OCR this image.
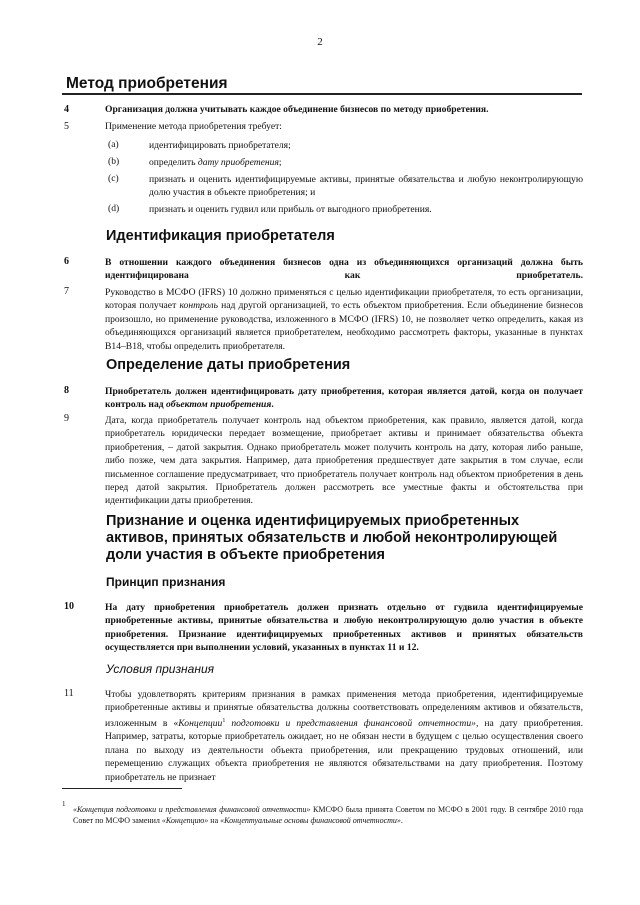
2
Метод приобретения
4	Организация должна учитывать каждое объединение бизнесов по методу приобретения.
5	Применение метода приобретения требует:
(a)	идентифицировать приобретателя;
(b)	определить дату приобретения;
(c)	признать и оценить идентифицируемые активы, принятые обязательства и любую неконтролирующую долю участия в объекте приобретения; и
(d)	признать и оценить гудвил или прибыль от выгодного приобретения.
Идентификация приобретателя
6	В отношении каждого объединения бизнесов одна из объединяющихся организаций должна быть идентифицирована как приобретатель.
7	Руководство в МСФО (IFRS) 10 должно применяться с целью идентификации приобретателя, то есть организации, которая получает контроль над другой организацией, то есть объектом приобретения. Если объединение бизнесов произошло, но применение руководства, изложенного в МСФО (IFRS) 10, не позволяет четко определить, какая из объединяющихся организаций является приобретателем, необходимо рассмотреть факторы, указанные в пунктах B14–B18, чтобы определить приобретателя.
Определение даты приобретения
8	Приобретатель должен идентифицировать дату приобретения, которая является датой, когда он получает контроль над объектом приобретения.
9	Дата, когда приобретатель получает контроль над объектом приобретения, как правило, является датой, когда приобретатель юридически передает возмещение, приобретает активы и принимает обязательства объекта приобретения, – датой закрытия. Однако приобретатель может получить контроль на дату, которая либо раньше, либо позже, чем дата закрытия. Например, дата приобретения предшествует дате закрытия в том случае, если письменное соглашение предусматривает, что приобретатель получает контроль над объектом приобретения в день перед датой закрытия. Приобретатель должен рассмотреть все уместные факты и обстоятельства при идентификации даты приобретения.
Признание и оценка идентифицируемых приобретенных активов, принятых обязательств и любой неконтролирующей доли участия в объекте приобретения
Принцип признания
10	На дату приобретения приобретатель должен признать отдельно от гудвила идентифицируемые приобретенные активы, принятые обязательства и любую неконтролирующую долю участия в объекте приобретения. Признание идентифицируемых приобретенных активов и принятых обязательств осуществляется при выполнении условий, указанных в пунктах 11 и 12.
Условия признания
11	Чтобы удовлетворять критериям признания в рамках применения метода приобретения, идентифицируемые приобретенные активы и принятые обязательства должны соответствовать определениям активов и обязательств, изложенным в «Концепции$^1$ подготовки и представления финансовой отчетности», на дату приобретения. Например, затраты, которые приобретатель ожидает, но не обязан нести в будущем с целью осуществления своего плана по выходу из деятельности объекта приобретения, или прекращению трудовых отношений, или перемещению служащих объекта приобретения не являются обязательствами на дату приобретения. Поэтому приобретатель не признает
1
«Концепция подготовки и представления финансовой отчетности» КМСФО была принята Советом по МСФО в 2001 году. В сентябре 2010 года Совет по МСФО заменил «Концепцию» на «Концептуальные основы финансовой отчетности».
